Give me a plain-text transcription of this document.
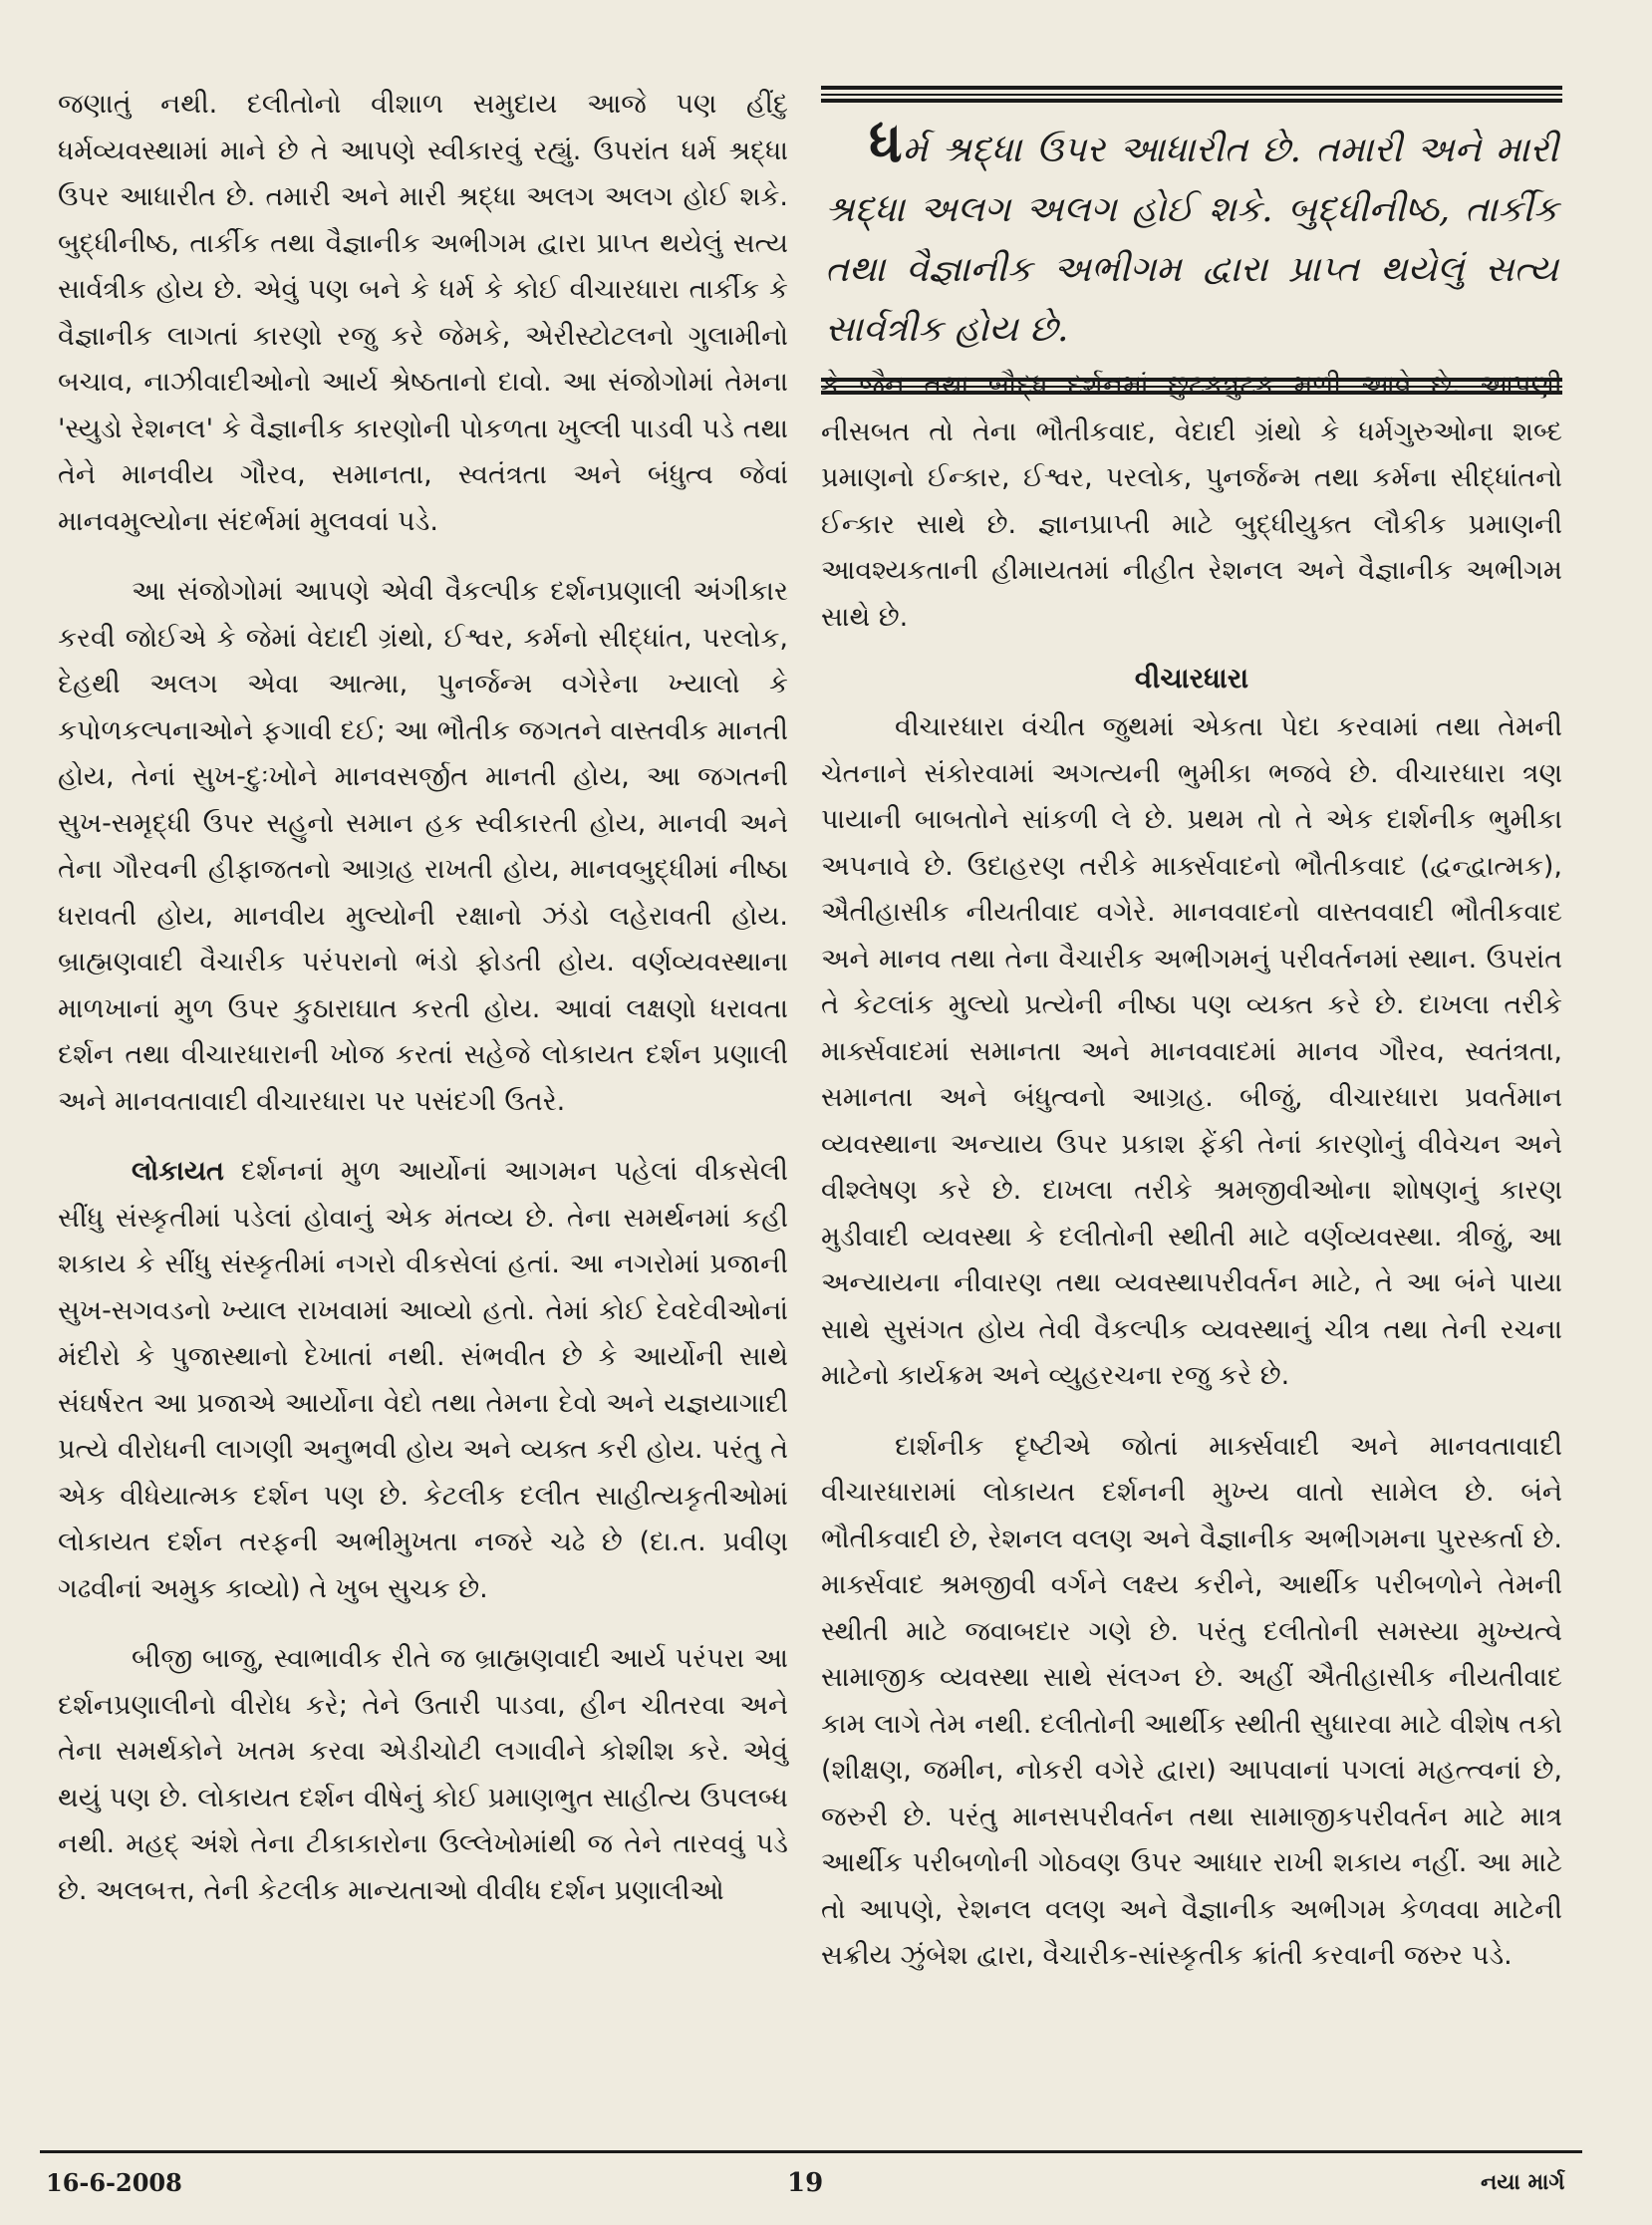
જણાતું નથી. દલીતોનો વીશાળ સમુદાય આજે પણ હીંદુ ધર્મવ્યવસ્થામાં માને છે તે આપણે સ્વીકારવું રહ્યું. ઉપરાંત ધર્મ શ્રદ્ધા ઉપર આધારીત છે. તમારી અને મારી શ્રદ્ધા અલગ અલગ હોઈ શકે. બુદ્ધીનીષ્ઠ, તાર્કીક તથા વૈજ્ઞાનીક અભીગમ દ્વારા પ્રાપ્ત થયેલું સત્ય સાર્વત્રીક હોય છે. એવું પણ બને કે ધર્મ કે કોઈ વીચારધારા તાર્કીક કે વૈજ્ઞાનીક લાગતાં કારણો રજુ કરે જેમકે, એરીસ્ટોટલનો ગુલામીનો બચાવ, નાઝીવાદીઓનો આર્ય શ્રેષ્ઠતાનો દાવો. આ સંજોગોમાં તેમના 'સ્યુડો રેશનલ' કે વૈજ્ઞાનીક કારણોની પોકળતા ખુલ્લી પાડવી પડે તથા તેને માનવીય ગૌરવ, સમાનતા, સ્વતંત્રતા અને બંધુત્વ જેવાં માનવમુલ્યોના સંદર્ભમાં મુલવવાં પડે.

આ સંજોગોમાં આપણે એવી વૈકલ્પીક દર્શનપ્રણાલી અંગીકાર કરવી જોઈએ કે જેમાં વેદાદી ગ્રંથો, ઈશ્વર, કર્મનો સીદ્ધાંત, પરલોક, દેહથી અલગ એવા આત્મા, પુનર્જન્મ વગેરેના ખ્યાલો કે કપોળકલ્પનાઓને ફગાવી દઈ; આ ભૌતીક જગતને વાસ્તવીક માનતી હોય, તેનાં સુખ-દુઃખોને માનવસર્જીત માનતી હોય, આ જગતની સુખ-સમૃદ્ધી ઉપર સહુનો સમાન હક સ્વીકારતી હોય, માનવી અને તેના ગૌરવની હીફાજતનો આગ્રહ રાખતી હોય, માનવબુદ્ધીમાં નીષ્ઠા ધરાવતી હોય, માનવીય મુલ્યોની રક્ષાનો ઝંડો લહેરાવતી હોય. બ્રાહ્મણવાદી વૈચારીક પરંપરાનો ભંડો ફોડતી હોય. વર્ણવ્યવસ્થાના માળખાનાં મુળ ઉપર કુઠારાઘાત કરતી હોય. આવાં લક્ષણો ધરાવતા દર્શન તથા વીચારધારાની ખોજ કરતાં સહેજે લોકાયત દર્શન પ્રણાલી અને માનવતાવાદી વીચારધારા પર પસંદગી ઉતરે.

લોકાયત દર્શનનાં મુળ આર્યોનાં આગમન પહેલાં વીકસેલી સીંધુ સંસ્કૃતીમાં પડેલાં હોવાનું એક મંતવ્ય છે. તેના સમર્થનમાં કહી શકાય કે સીંધુ સંસ્કૃતીમાં નગરો વીકસેલાં હતાં. આ નગરોમાં પ્રજાની સુખ-સગવડનો ખ્યાલ રાખવામાં આવ્યો હતો. તેમાં કોઈ દેવદેવીઓનાં મંદીરો કે પુજાસ્થાનો દેખાતાં નથી. સંભવીત છે કે આર્યોની સાથે સંઘર્ષરત આ પ્રજાએ આર્યોના વેદો તથા તેમના દેવો અને યજ્ઞયાગાદી પ્રત્યે વીરોધની લાગણી અનુભવી હોય અને વ્યક્ત કરી હોય. પરંતુ તે એક વીધેયાત્મક દર્શન પણ છે. કેટલીક દલીત સાહીત્યકૃતીઓમાં લોકાયત દર્શન તરફની અભીમુખતા નજરે ચઢે છે (દા.ત. પ્રવીણ ગઢવીનાં અમુક કાવ્યો) તે ખુબ સુચક છે.

બીજી બાજુ, સ્વાભાવીક રીતે જ બ્રાહ્મણવાદી આર્ય પરંપરા આ દર્શનપ્રણાલીનો વીરોધ કરે; તેને ઉતારી પાડવા, હીન ચીતરવા અને તેના સમર્થકોને ખતમ કરવા એડીચોટી લગાવીને કોશીશ કરે. એવું થયું પણ છે. લોકાયત દર્શન વીષેનું કોઈ પ્રમાણભુત સાહીત્ય ઉપલબ્ધ નથી. મહદ્ અંશે તેના ટીકાકારોના ઉલ્લેખોમાંથી જ તેને તારવવું પડે છે. અલબત્ત, તેની કેટલીક માન્યતાઓ વીવીધ દર્શન પ્રણાલીઓ

ધર્મ શ્રદ્ધા ઉપર આધારીત છે. તમારી અને મારી શ્રદ્ધા અલગ અલગ હોઈ શકે. બુદ્ધીનીષ્ઠ, તાર્કીક તથા વૈજ્ઞાનીક અભીગમ દ્વારા પ્રાપ્ત થયેલું સત્ય સાર્વત્રીક હોય છે.

કે જૈન તથા બૌદ્ધ દર્શનમાં છુટકત્રુટક મળી આવે છે. આપણી નીસબત તો તેના ભૌતીકવાદ, વેદાદી ગ્રંથો કે ધર્મગુરુઓના શબ્દ પ્રમાણનો ઈન્કાર, ઈશ્વર, પરલોક, પુનર્જન્મ તથા કર્મના સીદ્ધાંતનો ઈન્કાર સાથે છે. જ્ઞાનપ્રાપ્તી માટે બુદ્ધીયુક્ત લૌકીક પ્રમાણની આવશ્યકતાની હીમાયતમાં નીહીત રેશનલ અને વૈજ્ઞાનીક અભીગમ સાથે છે.

વીચારધારા

વીચારધારા વંચીત જુથમાં એકતા પેદા કરવામાં તથા તેમની ચેતનાને સંકોરવામાં અગત્યની ભુમીકા ભજવે છે. વીચારધારા ત્રણ પાયાની બાબતોને સાંકળી લે છે. પ્રથમ તો તે એક દાર્શનીક ભુમીકા અપનાવે છે. ઉદાહરણ તરીકે માર્ક્સવાદનો ભૌતીકવાદ (દ્વન્દ્વાત્મક), ઐતીહાસીક નીયતીવાદ વગેરે. માનવવાદનો વાસ્તવવાદી ભૌતીકવાદ અને માનવ તથા તેના વૈચારીક અભીગમનું પરીવર્તનમાં સ્થાન. ઉપરાંત તે કેટલાંક મુલ્યો પ્રત્યેની નીષ્ઠા પણ વ્યક્ત કરે છે. દાખલા તરીકે માર્ક્સવાદમાં સમાનતા અને માનવવાદમાં માનવ ગૌરવ, સ્વતંત્રતા, સમાનતા અને બંધુત્વનો આગ્રહ. બીજું, વીચારધારા પ્રવર્તમાન વ્યવસ્થાના અન્યાય ઉપર પ્રકાશ ફેંકી તેનાં કારણોનું વીવેચન અને વીશ્લેષણ કરે છે. દાખલા તરીકે શ્રમજીવીઓના શોષણનું કારણ મુડીવાદી વ્યવસ્થા કે દલીતોની સ્થીતી માટે વર્ણવ્યવસ્થા. ત્રીજું, આ અન્યાયના નીવારણ તથા વ્યવસ્થાપરીવર્તન માટે, તે આ બંને પાયા સાથે સુસંગત હોય તેવી વૈકલ્પીક વ્યવસ્થાનું ચીત્ર તથા તેની રચના માટેનો કાર્યક્રમ અને વ્યુહરચના રજુ કરે છે.

દાર્શનીક દૃષ્ટીએ જોતાં માર્ક્સવાદી અને માનવતાવાદી વીચારધારામાં લોકાયત દર્શનની મુખ્ય વાતો સામેલ છે. બંને ભૌતીકવાદી છે, રેશનલ વલણ અને વૈજ્ઞાનીક અભીગમના પુરસ્કર્તા છે. માર્ક્સવાદ શ્રમજીવી વર્ગને લક્ષ્ય કરીને, આર્થીક પરીબળોને તેમની સ્થીતી માટે જવાબદાર ગણે છે. પરંતુ દલીતોની સમસ્યા મુખ્યત્વે સામાજીક વ્યવસ્થા સાથે સંલગ્ન છે. અહીં ઐતીહાસીક નીયતીવાદ કામ લાગે તેમ નથી. દલીતોની આર્થીક સ્થીતી સુધારવા માટે વીશેષ તકો (શીક્ષણ, જમીન, નોકરી વગેરે દ્વારા) આપવાનાં પગલાં મહત્ત્વનાં છે, જરુરી છે. પરંતુ માનસપરીવર્તન તથા સામાજીકપરીવર્તન માટે માત્ર આર્થીક પરીબળોની ગોઠવણ ઉપર આધાર રાખી શકાય નહીં. આ માટે તો આપણે, રેશનલ વલણ અને વૈજ્ઞાનીક અભીગમ કેળવવા માટેની સક્રીય ઝુંબેશ દ્વારા, વૈચારીક-સાંસ્કૃતીક ક્રાંતી કરવાની જરુર પડે.

16-6-2008	19	નયા માર્ગ
